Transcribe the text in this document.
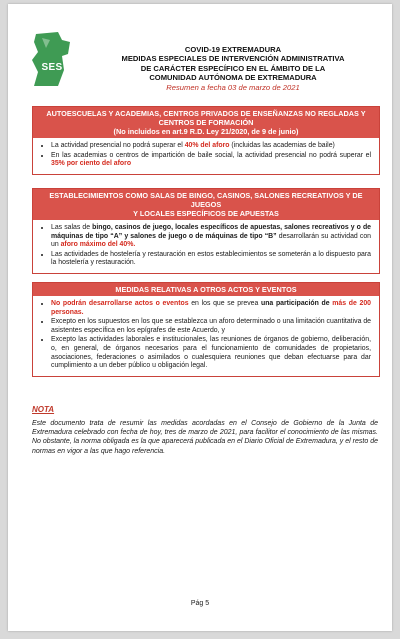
SES
COVID-19 EXTREMADURA
MEDIDAS ESPECIALES DE INTERVENCIÓN ADMINISTRATIVA
DE CARÁCTER ESPECÍFICO EN EL ÁMBITO DE LA
COMUNIDAD AUTÓNOMA DE EXTREMADURA
Resumen a fecha 03 de marzo de 2021
AUTOESCUELAS Y ACADEMIAS, CENTROS PRIVADOS DE ENSEÑANZAS NO REGLADAS Y
CENTROS DE FORMACIÓN
(No incluidos en art.9 R.D. Ley 21/2020, de 9 de junio)
• La actividad presencial no podrá superar el 40% del aforo (incluidas las academias de baile)
• En las academias o centros de impartición de baile social, la actividad presencial no podrá superar el 35% por ciento del aforo
ESTABLECIMIENTOS COMO SALAS DE BINGO, CASINOS, SALONES RECREATIVOS Y DE JUEGOS
Y LOCALES ESPECÍFICOS DE APUESTAS
• Las salas de bingo, casinos de juego, locales específicos de apuestas, salones recreativos y o de máquinas de tipo “A” y salones de juego o de máquinas de tipo “B” desarrollarán su actividad con un aforo máximo del 40%.
• Las actividades de hostelería y restauración en estos establecimientos se someterán a lo dispuesto para la hostelería y restauración.
MEDIDAS RELATIVAS A OTROS ACTOS Y EVENTOS
• No podrán desarrollarse actos o eventos en los que se prevea una participación de más de 200 personas.
• Excepto en los supuestos en los que se establezca un aforo determinado o una limitación cuantitativa de asistentes específica en los epígrafes de este Acuerdo, y
• Excepto las actividades laborales e institucionales, las reuniones de órganos de gobierno, deliberación, o, en general, de órganos necesarios para el funcionamiento de comunidades de propietarios, asociaciones, federaciones o asimilados o cualesquiera reuniones que deban efectuarse para dar cumplimiento a un deber público u obligación legal.
NOTA
Este documento trata de resumir las medidas acordadas en el Consejo de Gobierno de la Junta de Extremadura celebrado con fecha de hoy, tres de marzo de 2021, para facilitor el conocimiento de las mismas. No obstante, la norma obligada es la que aparecerá publicada en el Diario Oficial de Extremadura, y el resto de normas en vigor a las que hago referencia.
Pág 5
